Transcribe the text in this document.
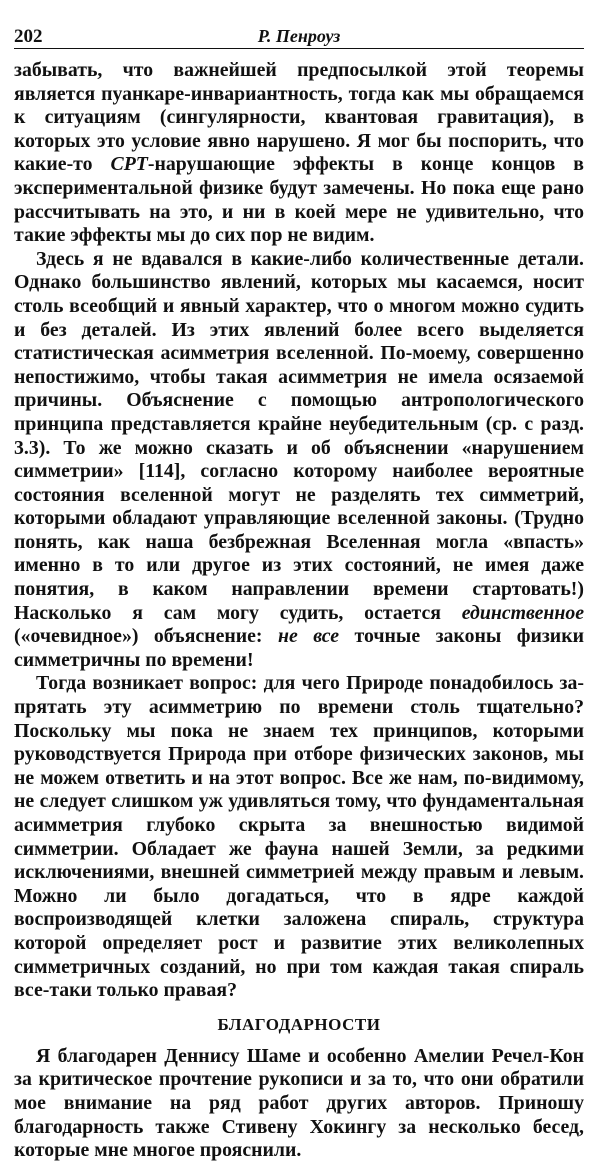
202	Р. Пенроуз

забывать, что важнейшей предпосылкой этой теоремы является пуанкаре-инвариантность, тогда как мы обращаемся к ситуациям (сингулярности, квантовая гравитация), в которых это условие явно нарушено. Я мог бы поспорить, что какие-то CPT-нарушающие эффекты в конце концов в экспериментальной физике будут замечены. Но пока еще рано рассчитывать на это, и ни в коей мере не удивительно, что такие эффекты мы до сих пор не видим.

Здесь я не вдавался в какие-либо количественные детали. Однако большинство явлений, которых мы касаемся, носит столь всеобщий и явный характер, что о многом можно судить и без деталей. Из этих явлений более всего выделяется статистическая асимметрия вселенной. По-моему, совершенно непостижимо, чтобы такая асимметрия не имела осязаемой причины. Объяснение с помощью антропологического принципа представляется крайне неубедительным (ср. с разд. 3.3). То же можно сказать и об объяснении «нарушением симметрии» [114], согласно которому наиболее вероятные состояния вселенной могут не разделять тех симметрий, которыми обладают управляющие вселенной законы. (Трудно понять, как наша безбрежная Вселенная могла «впасть» именно в то или другое из этих состояний, не имея даже понятия, в каком направлении времени стартовать!) Насколько я сам могу судить, остается единственное («очевидное») объяснение: не все точные законы физики симметричны по времени!

Тогда возникает вопрос: для чего Природе понадобилось запрятать эту асимметрию по времени столь тщательно? Поскольку мы пока не знаем тех принципов, которыми руководствуется Природа при отборе физических законов, мы не можем ответить и на этот вопрос. Все же нам, по-видимому, не следует слишком уж удивляться тому, что фундаментальная асимметрия глубоко скрыта за внешностью видимой симметрии. Обладает же фауна нашей Земли, за редкими исключениями, внешней симметрией между правым и левым. Можно ли было догадаться, что в ядре каждой воспроизводящей клетки заложена спираль, структура которой определяет рост и развитие этих великолепных симметричных созданий, но при том каждая такая спираль все-таки только правая?

БЛАГОДАРНОСТИ

Я благодарен Деннису Шаме и особенно Амелии Речел-Кон за критическое прочтение рукописи и за то, что они обратили мое внимание на ряд работ других авторов. Приношу благодарность также Стивену Хокингу за несколько бесед, которые мне многое прояснили.
